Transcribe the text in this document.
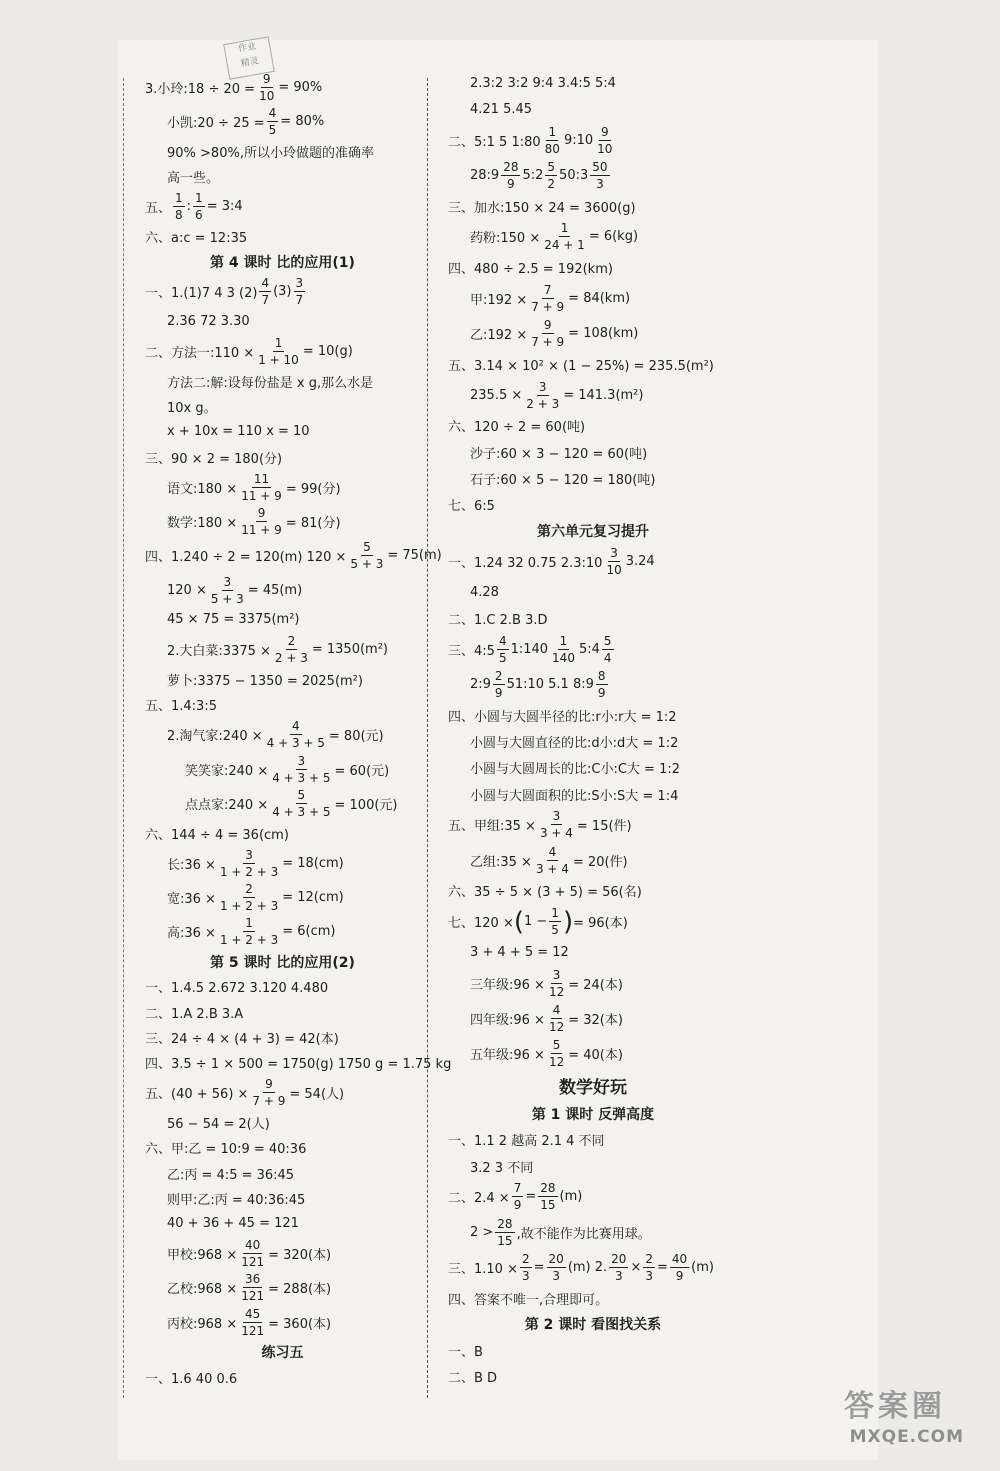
作业
精灵
3.小玲:18 ÷ $20 = \frac{9}{10} = 90\%$
小凯:20 ÷ $25 = \frac{4}{5} = 80\%$
90% >80%,所以小玲做题的准确率
高一些。
五、 $\frac{1}{8}$ : $\frac{1}{6}$ = 3:4
六、a:c = 12:35
第 4 课时 比的应用(1)
一、1.(1)7 4 3 $(2) \frac{4}{7} (3) \frac{3}{7}$
2.36 72 3.30
二、方法一:110 × $\frac{1}{1 + 10} = 10(g)$
方法二:解:设每份盐是 x g,那么水是
10x g。
x + 10x = 110 x = 10
三、90 × 2 = 180(分)
语文:180 × $\frac{11}{11 + 9} = 99$(分)
数学:180 × $\frac{9}{11 + 9} = 81$(分)
四、1.240 ÷ 2 = 120(m) $120 \times \frac{5}{5 + 3} = 75(m)$
$120 \times \frac{3}{5 + 3} = 45(m)$
45 × 75 = 3375(m²)
2.大白菜:3375 × $\frac{2}{2 + 3} = 1350(m^2)$
萝卜:3375 − 1350 = 2025(m²)
五、1.4:3:5
2.淘气家:240 × $\frac{4}{4 + 3 + 5} = 80$(元)
笑笑家:240 × $\frac{3}{4 + 3 + 5} = 60$(元)
点点家:240 × $\frac{5}{4 + 3 + 5} = 100$(元)
六、144 ÷ 4 = 36(cm)
长:36 × $\frac{3}{1 + 2 + 3} = 18(cm)$
宽:36 × $\frac{2}{1 + 2 + 3} = 12(cm)$
高:36 × $\frac{1}{1 + 2 + 3} = 6(cm)$
第 5 课时 比的应用(2)
一、1.4.5 2.672 3.120 4.480
二、1.A 2.B 3.A
三、24 ÷ 4 × (4 + 3) = 42(本)
四、3.5 ÷ 1 × 500 = 1750(g) 1750 g = 1.75 kg
五、$(40 + 56) \times \frac{9}{7 + 9} = 54$(人)
56 − 54 = 2(人)
六、甲:乙 = 10:9 = 40:36
乙:丙 = 4:5 = 36:45
则甲:乙:丙 = 40:36:45
40 + 36 + 45 = 121
甲校:968 × $\frac{40}{121} = 320$(本)
乙校:968 × $\frac{36}{121} = 288$(本)
丙校:968 × $\frac{45}{121} = 360$(本)
练习五
一、1.6 40 0.6
2.3:2 3:2 9:4 3.4:5 5:4
4.21 5.45
二、5:1 5 1:80 $\frac{1}{80}$ 9:10 $\frac{9}{10}$
28:9 $\frac{28}{9}$ 5:2 $\frac{5}{2}$ 50:3 $\frac{50}{3}$
三、加水:150 × 24 = 3600(g)
药粉:150 × $\frac{1}{24 + 1} = 6(kg)$
四、480 ÷ 2.5 = 192(km)
甲:192 × $\frac{7}{7 + 9} = 84(km)$
乙:192 × $\frac{9}{7 + 9} = 108(km)$
五、3.14 × 10² × (1 − 25%) = 235.5(m²)
$235.5 \times \frac{3}{2 + 3} = 141.3(m^2)$
六、120 ÷ 2 = 60(吨)
沙子:60 × 3 − 120 = 60(吨)
石子:60 × 5 − 120 = 180(吨)
七、6:5
第六单元复习提升
一、1.24 32 0.75 2.3:10 $\frac{3}{10} 3.24$
4.28
二、1.C 2.B 3.D
三、4:5 $\frac{4}{5}$ 1:140 $\frac{1}{140}$ 5:4 $\frac{5}{4}$
2:9 $\frac{2}{9}$ 51:10 5.1 8:9 $\frac{8}{9}$
四、小圆与大圆半径的比:r小:r大 = 1:2
小圆与大圆直径的比:d小:d大 = 1:2
小圆与大圆周长的比:C小:C大 = 1:2
小圆与大圆面积的比:S小:S大 = 1:4
五、甲组:35 × $\frac{3}{3 + 4} = 15$(件)
乙组:35 × $\frac{4}{3 + 4} = 20$(件)
六、35 ÷ 5 × (3 + 5) = 56(名)
七、120 × ( $1 - \frac{1}{5}$ ) = 96(本)
3 + 4 + 5 = 12
三年级:96 × $\frac{3}{12} = 24$(本)
四年级:96 × $\frac{4}{12} = 32$(本)
五年级:96 × $\frac{5}{12} = 40$(本)
数学好玩
第 1 课时 反弹高度
一、1.1 2 越高 2.1 4 不同
3.2 3 不同
二、$2.4 \times \frac{7}{9} = \frac{28}{15} (m)$
$2 > \frac{28}{15}$ ,故不能作为比赛用球。
三、$1.10 \times \frac{2}{3} = \frac{20}{3} (m)$ 2. $\frac{20}{3} \times \frac{2}{3} = \frac{40}{9} (m)$
四、答案不唯一,合理即可。
第 2 课时 看图找关系
一、B
二、B D
答案圈
MXQE.COM
